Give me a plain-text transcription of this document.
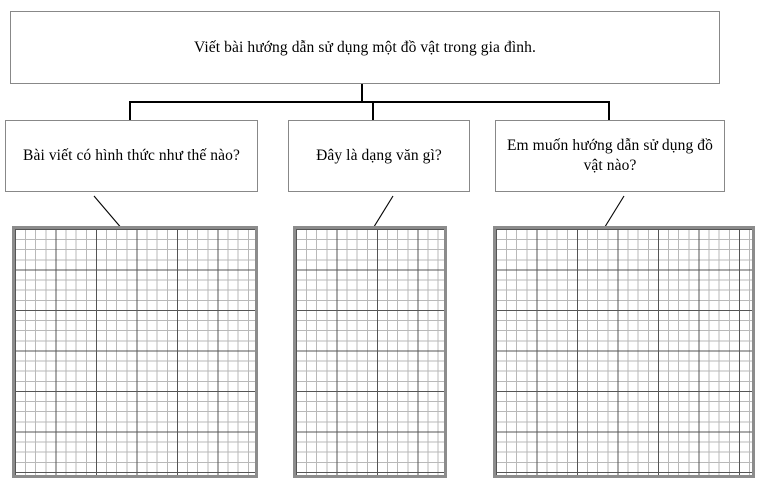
Viết bài hướng dẫn sử dụng một đồ vật trong gia đình.
Bài viết có hình thức như thế nào?	Đây là dạng văn gì?
Em muốn hướng dẫn sử dụng đồ vật nào?
